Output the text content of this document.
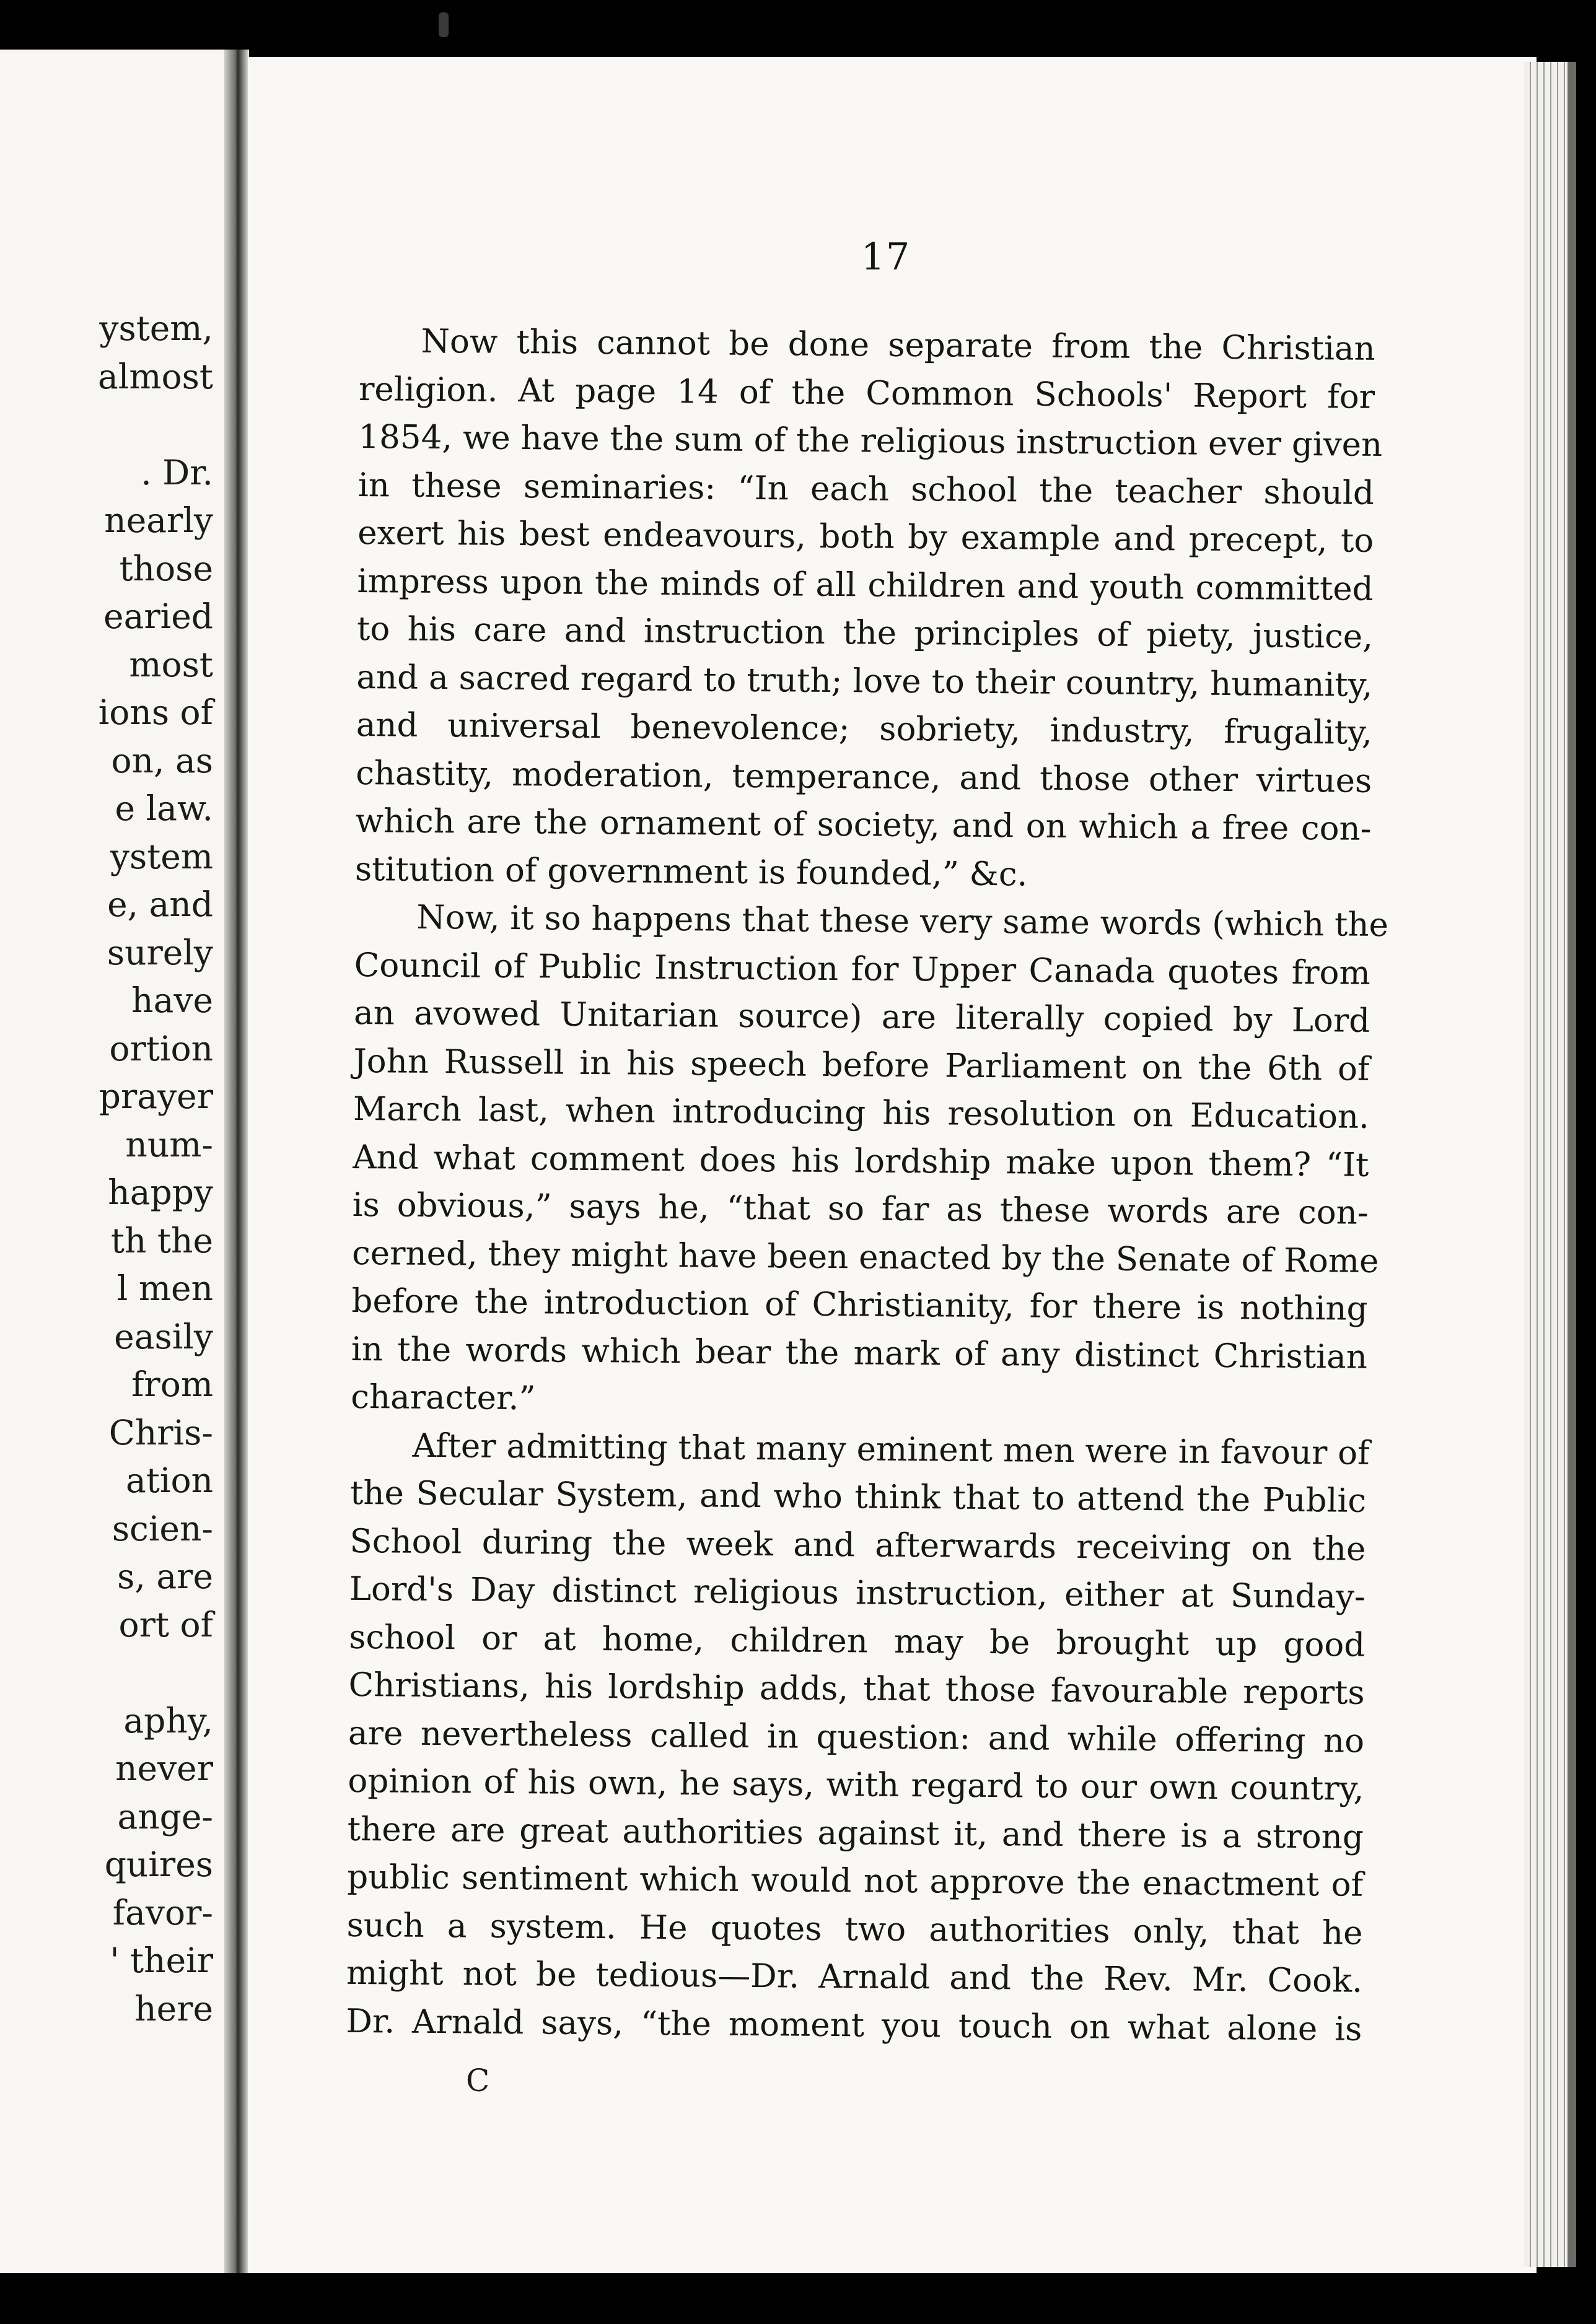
ystem,
almost
. Dr.
nearly
those
earied
most
ions of
on, as
e law.
ystem
e, and
surely
have
ortion
prayer
num-
happy
th the
l men
easily
from
Chris-
ation
scien-
s, are
ort of
aphy,
never
ange-
quires
favor-
' their
here
17
Now this cannot be done separate from the Christian
religion. At page 14 of the Common Schools' Report for
1854, we have the sum of the religious instruction ever given
in these seminaries: “In each school the teacher should
exert his best endeavours, both by example and precept, to
impress upon the minds of all children and youth committed
to his care and instruction the principles of piety, justice,
and a sacred regard to truth; love to their country, humanity,
and universal benevolence; sobriety, industry, frugality,
chastity, moderation, temperance, and those other virtues
which are the ornament of society, and on which a free con-
stitution of government is founded,” &c.
Now, it so happens that these very same words (which the
Council of Public Instruction for Upper Canada quotes from
an avowed Unitarian source) are literally copied by Lord
John Russell in his speech before Parliament on the 6th of
March last, when introducing his resolution on Education.
And what comment does his lordship make upon them? “It
is obvious,” says he, “that so far as these words are con-
cerned, they might have been enacted by the Senate of Rome
before the introduction of Christianity, for there is nothing
in the words which bear the mark of any distinct Christian
character.”
After admitting that many eminent men were in favour of
the Secular System, and who think that to attend the Public
School during the week and afterwards receiving on the
Lord's Day distinct religious instruction, either at Sunday-
school or at home, children may be brought up good
Christians, his lordship adds, that those favourable reports
are nevertheless called in question: and while offering no
opinion of his own, he says, with regard to our own country,
there are great authorities against it, and there is a strong
public sentiment which would not approve the enactment of
such a system. He quotes two authorities only, that he
might not be tedious—Dr. Arnald and the Rev. Mr. Cook.
Dr. Arnald says, “the moment you touch on what alone is
C
